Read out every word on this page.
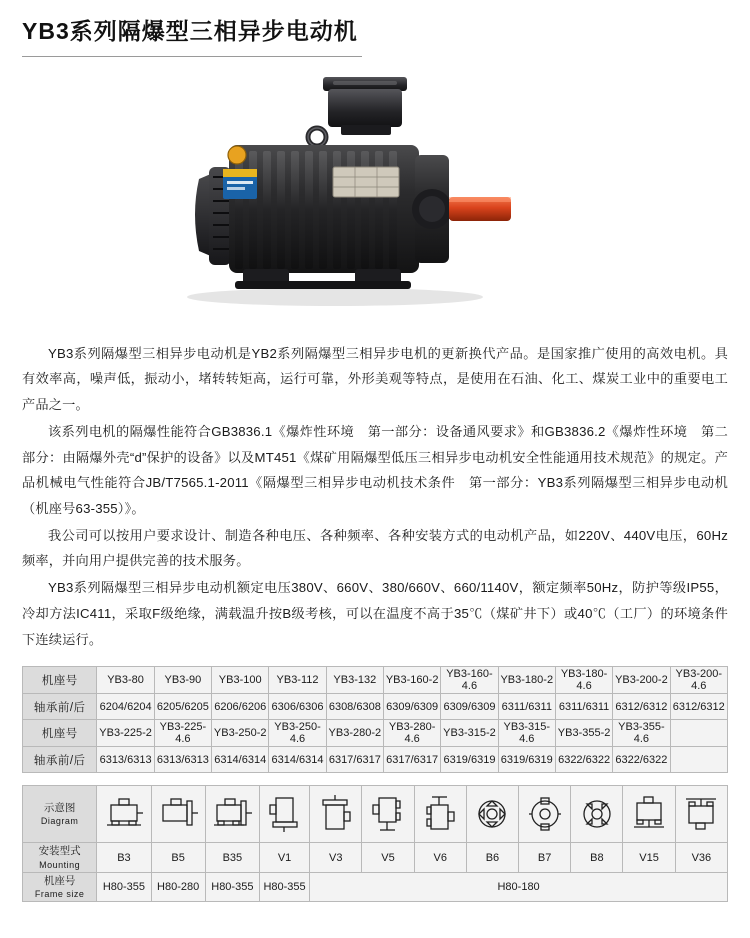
YB3系列隔爆型三相异步电动机

YB3系列隔爆型三相异步电动机是YB2系列隔爆型三相异步电机的更新换代产品。是国家推广使用的高效电机。具有效率高，噪声低，振动小，堵转转矩高，运行可靠，外形美观等特点，是使用在石油、化工、煤炭工业中的重要电工产品之一。

该系列电机的隔爆性能符合GB3836.1《爆炸性环境　第一部分：设备通风要求》和GB3836.2《爆炸性环境　第二部分：由隔爆外壳“d”保护的设备》以及MT451《煤矿用隔爆型低压三相异步电动机安全性能通用技术规范》的规定。产品机械电气性能符合JB/T7565.1-2011《隔爆型三相异步电动机技术条件　第一部分：YB3系列隔爆型三相异步电动机（机座号63-355）》。

我公司可以按用户要求设计、制造各种电压、各种频率、各种安装方式的电动机产品，如220V、440V电压，60Hz频率，并向用户提供完善的技术服务。

YB3系列隔爆型三相异步电动机额定电压380V、660V、380/660V、660/1140V，额定频率50Hz，防护等级IP55，冷却方法IC411，采取F级绝缘，满载温升按B级考核，可以在温度不高于35℃（煤矿井下）或40℃（工厂）的环境条件下连续运行。

机座号	YB3-80	YB3-90	YB3-100	YB3-112	YB3-132	YB3-160-2	YB3-160-4.6	YB3-180-2	YB3-180-4.6	YB3-200-2	YB3-200-4.6
轴承前/后	6204/6204	6205/6205	6206/6206	6306/6306	6308/6308	6309/6309	6309/6309	6311/6311	6311/6311	6312/6312	6312/6312
机座号	YB3-225-2	YB3-225-4.6	YB3-250-2	YB3-250-4.6	YB3-280-2	YB3-280-4.6	YB3-315-2	YB3-315-4.6	YB3-355-2	YB3-355-4.6	
轴承前/后	6313/6313	6313/6313	6314/6314	6314/6314	6317/6317	6317/6317	6319/6319	6319/6319	6322/6322	6322/6322	
示意图
Diagram

安装型式
Mounting	B3	B5	B35	V1	V3	V5	V6	B6	B7	B8	V15	V36

机座号
Frame size	H80-355	H80-280	H80-355	H80-355	H80-180							
